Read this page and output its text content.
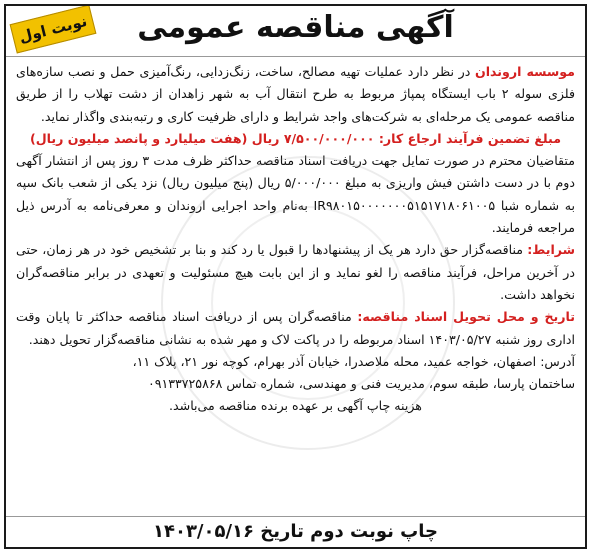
آگهی مناقصه عمومی
نوبت اول

موسسه اروندان در نظر دارد عملیات تهیه مصالح، ساخت، زنگ‌زدایی، رنگ‌آمیزی حمل و نصب سازه‌های فلزی سوله ۲ باب ایستگاه پمپاژ مربوط به طرح انتقال آب به شهر زاهدان از دشت تهلاب را از طریق مناقصه عمومی یک مرحله‌ای به شرکت‌های واجد شرایط و دارای ظرفیت کاری و رتبه‌بندی واگذار نماید.

مبلغ تضمین فرآیند ارجاع کار: ۷/۵۰۰/۰۰۰/۰۰۰ ریال (هفت میلیارد و پانصد میلیون ریال)

متقاضیان محترم در صورت تمایل جهت دریافت اسناد مناقصه حداکثر ظرف مدت ۳ روز پس از انتشار آگهی دوم با در دست داشتن فیش واریزی به مبلغ ۵/۰۰۰/۰۰۰ ریال (پنج میلیون ریال) نزد یکی از شعب بانک سپه به شماره شبا IR۹۸۰۱۵۰۰۰۰۰۰۰۵۱۵۱۷۱۸۰۶۱۰۰۵ به‌نام واحد اجرایی اروندان و معرفی‌نامه به آدرس ذیل مراجعه فرمایند.

شرایط: مناقصه‌گزار حق دارد هر یک از پیشنهادها را قبول یا رد کند و بنا بر تشخیص خود در هر زمان، حتی در آخرین مراحل، فرآیند مناقصه را لغو نماید و از این بابت هیچ مسئولیت و تعهدی در برابر مناقصه‌گران نخواهد داشت.

تاریخ و محل تحویل اسناد مناقصه: مناقصه‌گران پس از دریافت اسناد مناقصه حداکثر تا پایان وقت اداری روز شنبه ۱۴۰۳/۰۵/۲۷ اسناد مربوطه را در پاکت لاک و مهر شده به نشانی مناقصه‌گزار تحویل دهند.

آدرس: اصفهان، خواجه عمید، محله ملاصدرا، خیابان آذر بهرام، کوچه نور ۲۱، پلاک ۱۱،

ساختمان پارسا، طبقه سوم، مدیریت فنی و مهندسی، شماره تماس ۰۹۱۳۳۷۲۵۸۶۸

هزینه چاپ آگهی بر عهده برنده مناقصه می‌باشد.

چاپ نوبت دوم تاریخ ۱۴۰۳/۰۵/۱۶
